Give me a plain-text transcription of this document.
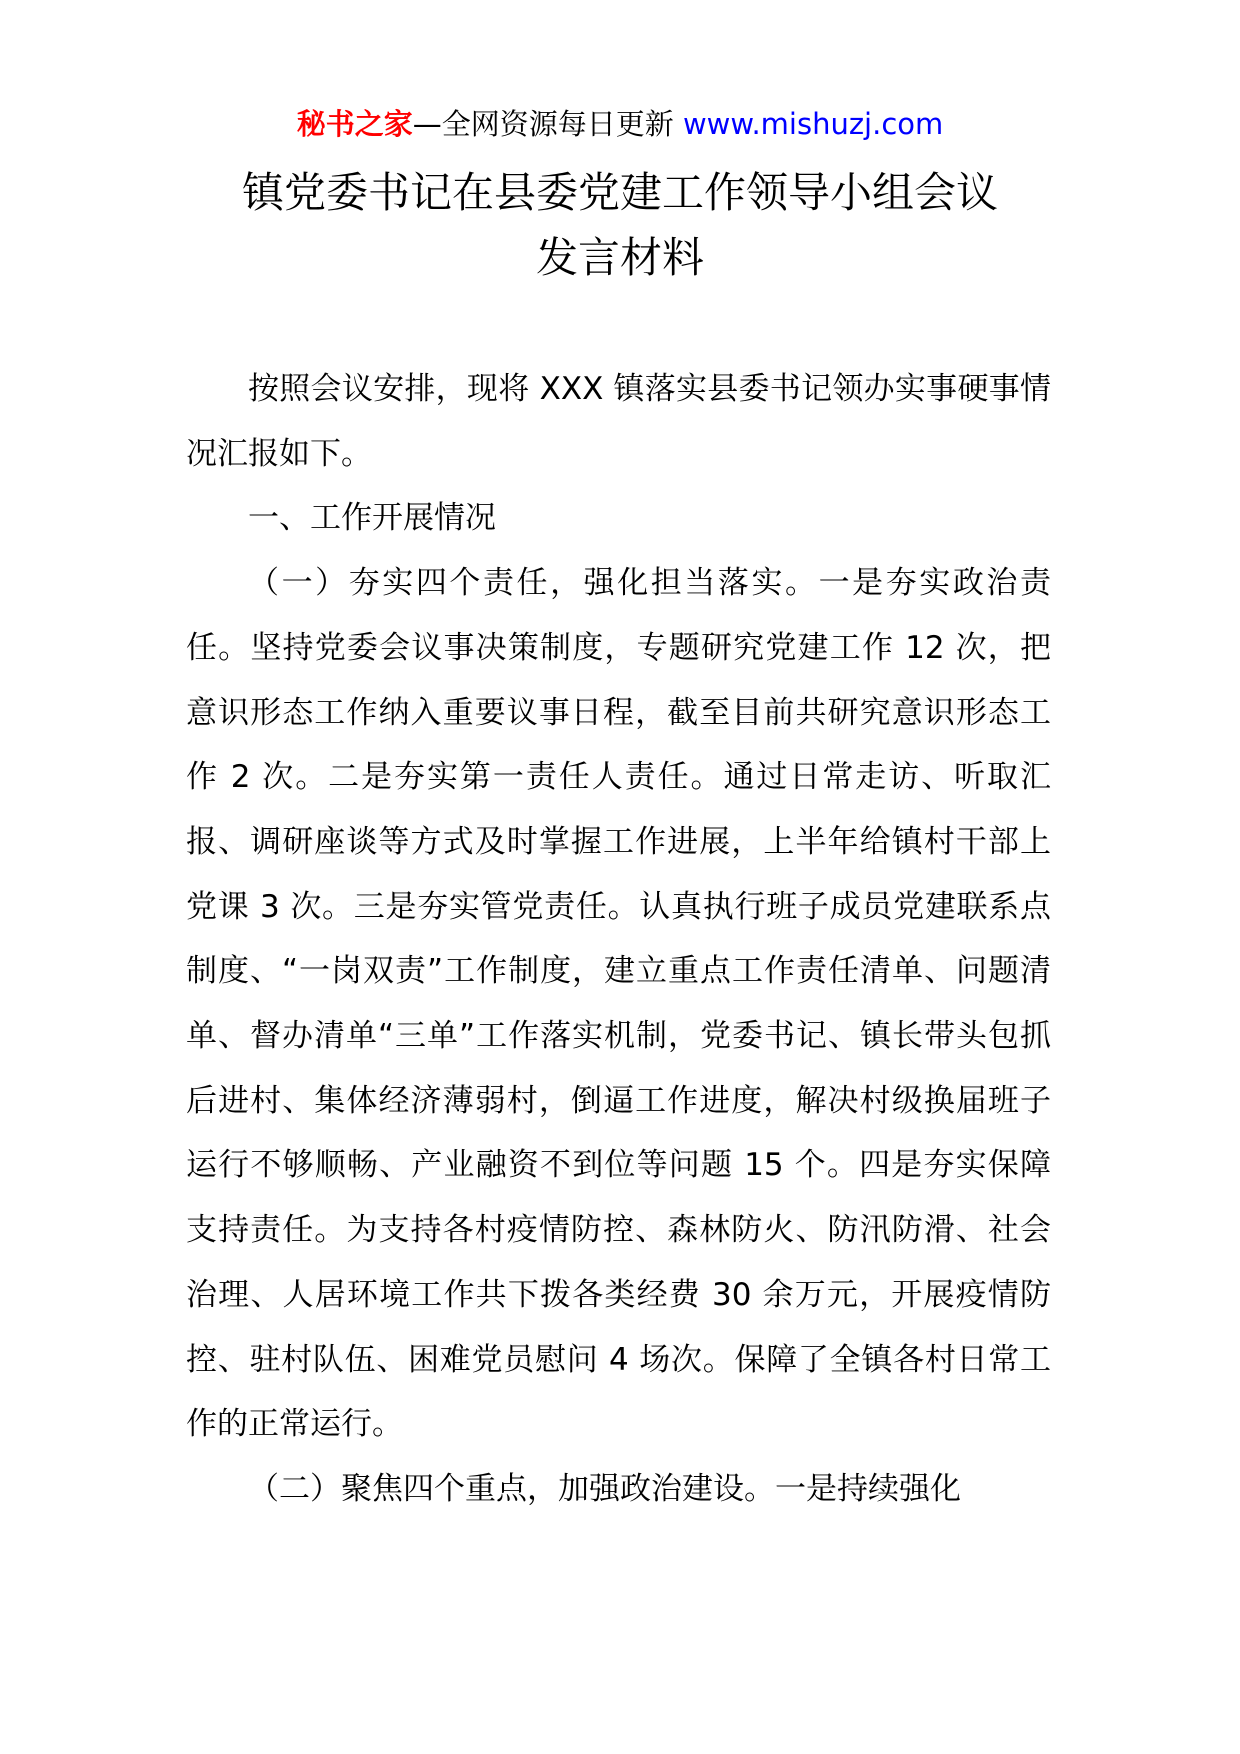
秘书之家—全网资源每日更新 www.mishuzj.com
镇党委书记在县委党建工作领导小组会议
发言材料

按照会议安排，现将 XXX 镇落实县委书记领办实事硬事情况汇报如下。

一、工作开展情况

（一）夯实四个责任，强化担当落实。一是夯实政治责任。坚持党委会议事决策制度，专题研究党建工作 12 次，把意识形态工作纳入重要议事日程，截至目前共研究意识形态工作 2 次。二是夯实第一责任人责任。通过日常走访、听取汇报、调研座谈等方式及时掌握工作进展，上半年给镇村干部上党课 3 次。三是夯实管党责任。认真执行班子成员党建联系点制度、“一岗双责”工作制度，建立重点工作责任清单、问题清单、督办清单“三单”工作落实机制，党委书记、镇长带头包抓后进村、集体经济薄弱村，倒逼工作进度，解决村级换届班子运行不够顺畅、产业融资不到位等问题 15 个。四是夯实保障支持责任。为支持各村疫情防控、森林防火、防汛防滑、社会治理、人居环境工作共下拨各类经费 30 余万元，开展疫情防控、驻村队伍、困难党员慰问 4 场次。保障了全镇各村日常工作的正常运行。

（二）聚焦四个重点，加强政治建设。一是持续强化
